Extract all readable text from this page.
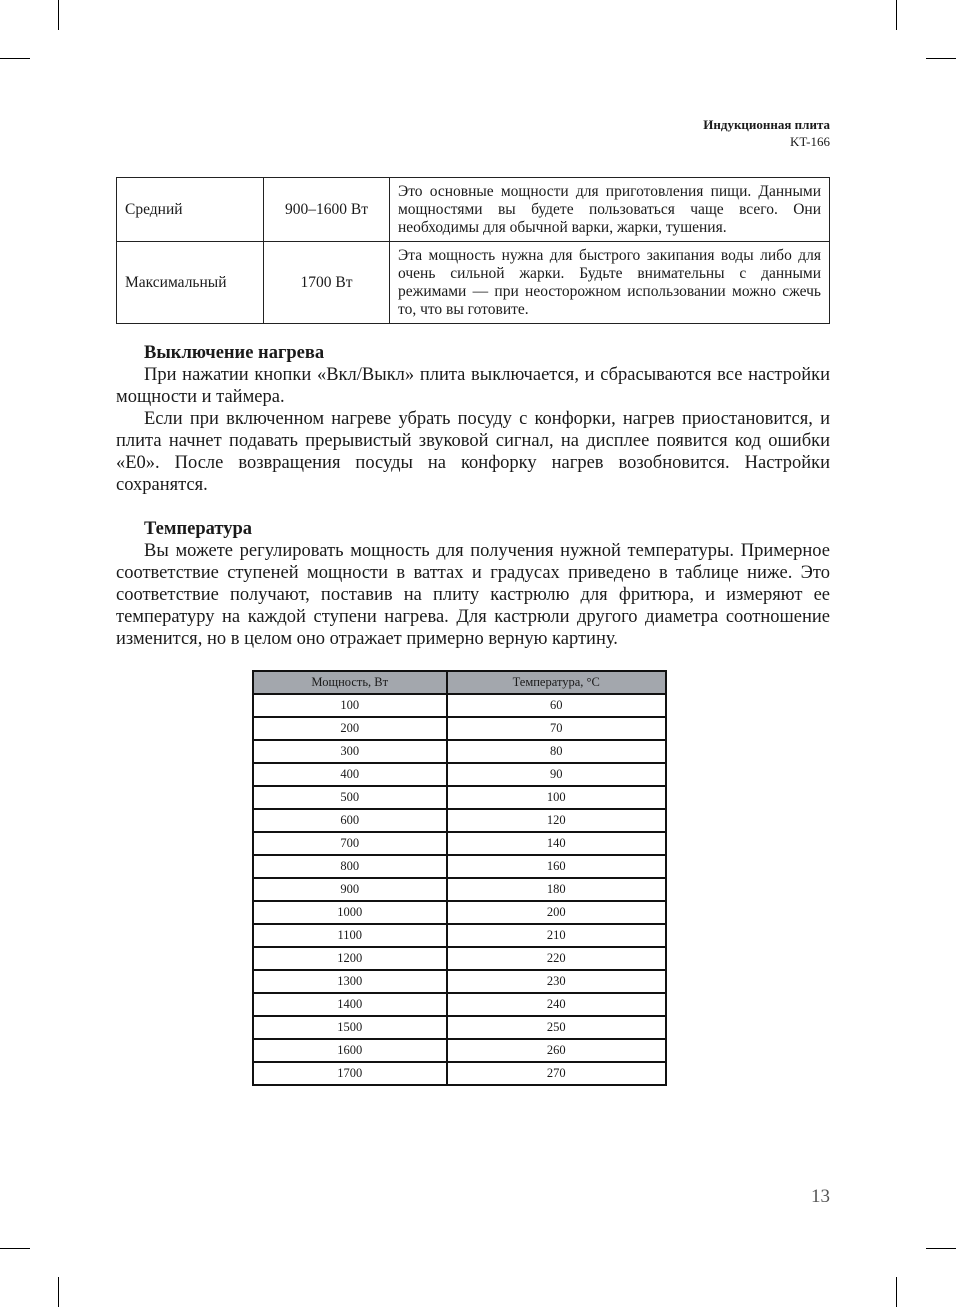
Индукционная плита
KT-166
Средний	900–1600 Вт	Это основные мощности для приготовления пищи. Данными мощностями вы будете пользоваться чаще всего. Они необходимы для обычной варки, жарки, тушения.
Максимальный	1700 Вт	Эта мощность нужна для быстрого закипания воды либо для очень сильной жарки. Будьте внимательны с данными режимами — при неосторожном использовании можно сжечь то, что вы готовите.
Выключение нагрева

При нажатии кнопки «Вкл/Выкл» плита выключается, и сбрасываются все настройки мощности и таймера.

Если при включенном нагреве убрать посуду с конфорки, нагрев приостановится, и плита начнет подавать прерывистый звуковой сигнал, на дисплее появится код ошибки «Е0». После возвращения посуды на конфорку нагрев возобновится. Настройки сохранятся.

Температура

Вы можете регулировать мощность для получения нужной температуры. Примерное соответствие ступеней мощности в ваттах и градусах приведено в таблице ниже. Это соответствие получают, поставив на плиту кастрюлю для фритюра, и измеряют ее температуру на каждой ступени нагрева. Для кастрюли другого диаметра соотношение изменится, но в целом оно отражает примерно верную картину.

Мощность, Вт	Температура, °С
100	60
200	70
300	80
400	90
500	100
600	120
700	140
800	160
900	180
1000	200
1100	210
1200	220
1300	230
1400	240
1500	250
1600	260
1700	270
13
